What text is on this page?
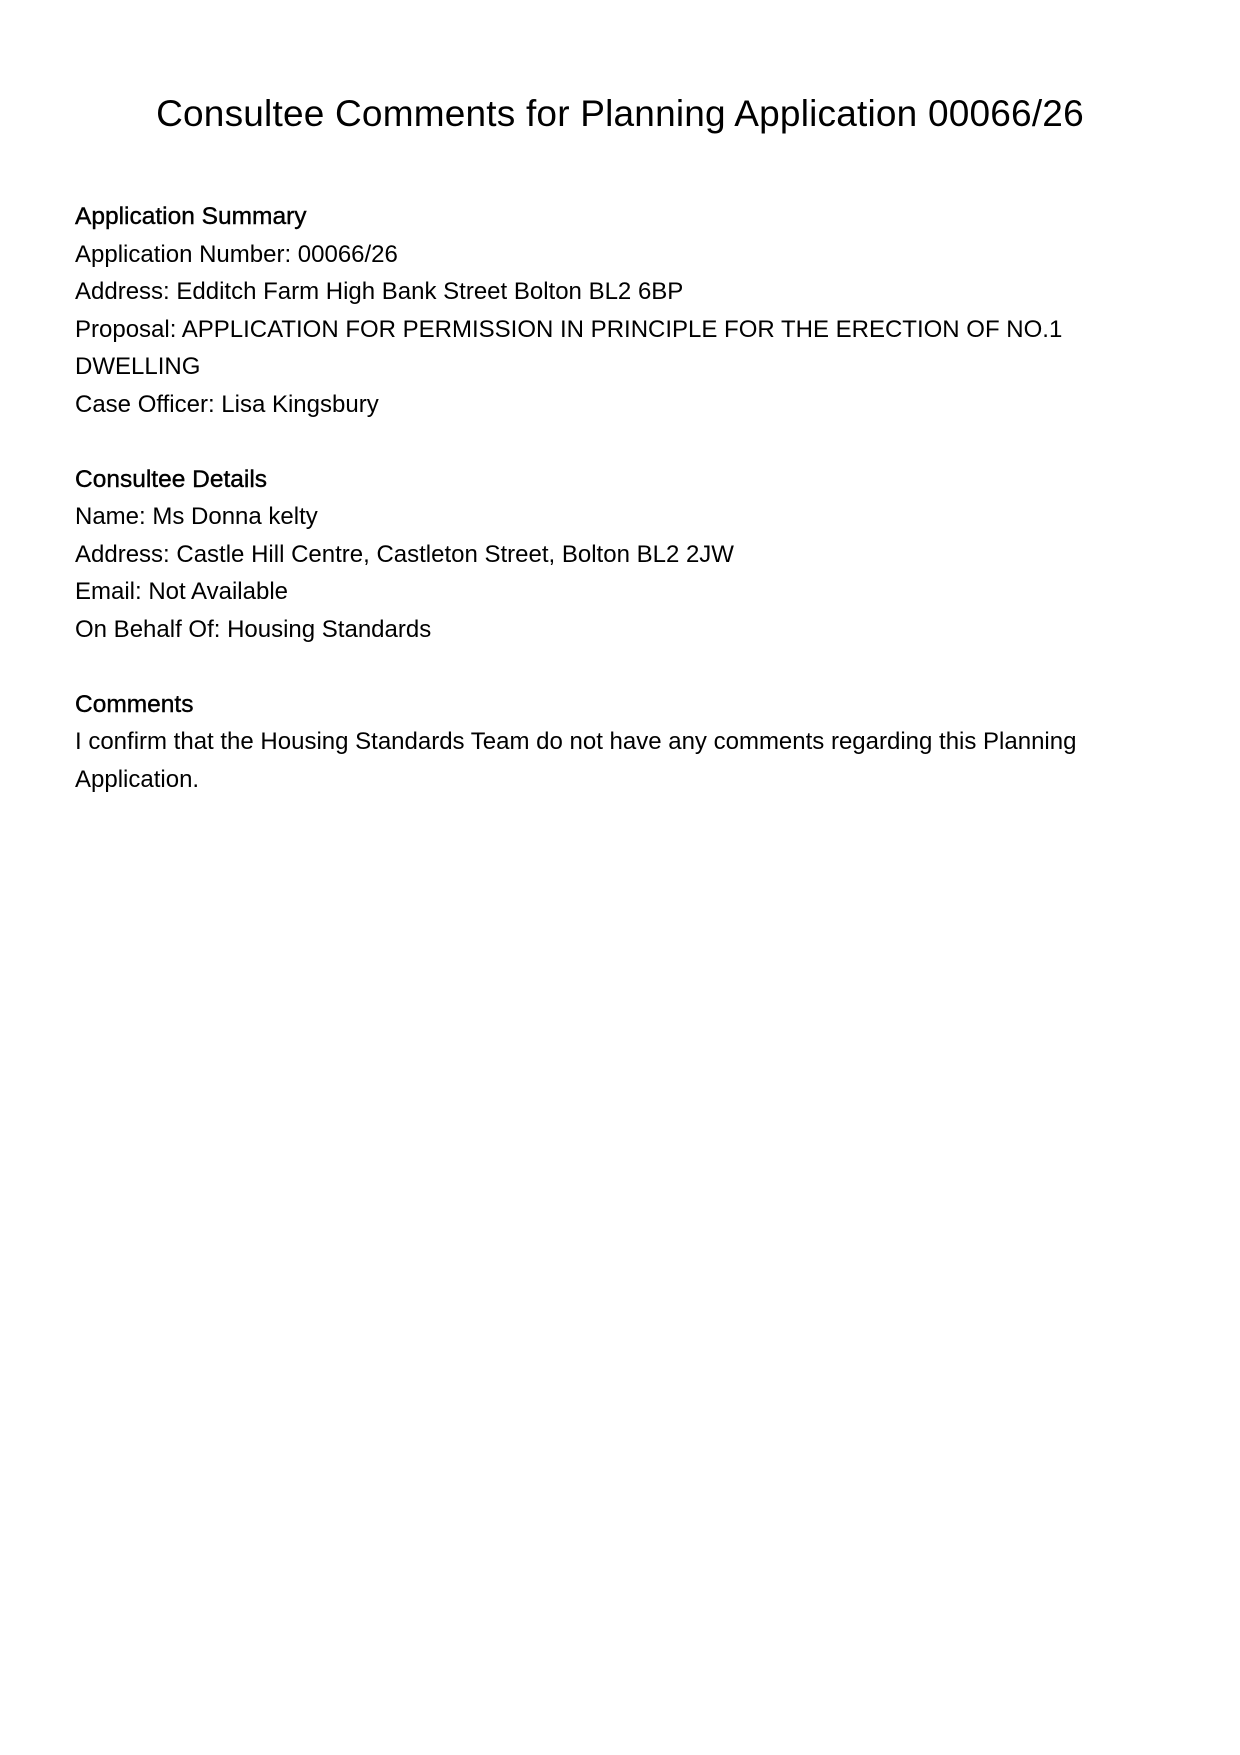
Consultee Comments for Planning Application 00066/26

Application Summary

Application Number: 00066/26

Address: Edditch Farm High Bank Street Bolton BL2 6BP

Proposal: APPLICATION FOR PERMISSION IN PRINCIPLE FOR THE ERECTION OF NO.1 DWELLING

Case Officer: Lisa Kingsbury

Consultee Details

Name: Ms Donna kelty

Address: Castle Hill Centre, Castleton Street, Bolton BL2 2JW

Email: Not Available

On Behalf Of: Housing Standards

Comments

I confirm that the Housing Standards Team do not have any comments regarding this Planning Application.
